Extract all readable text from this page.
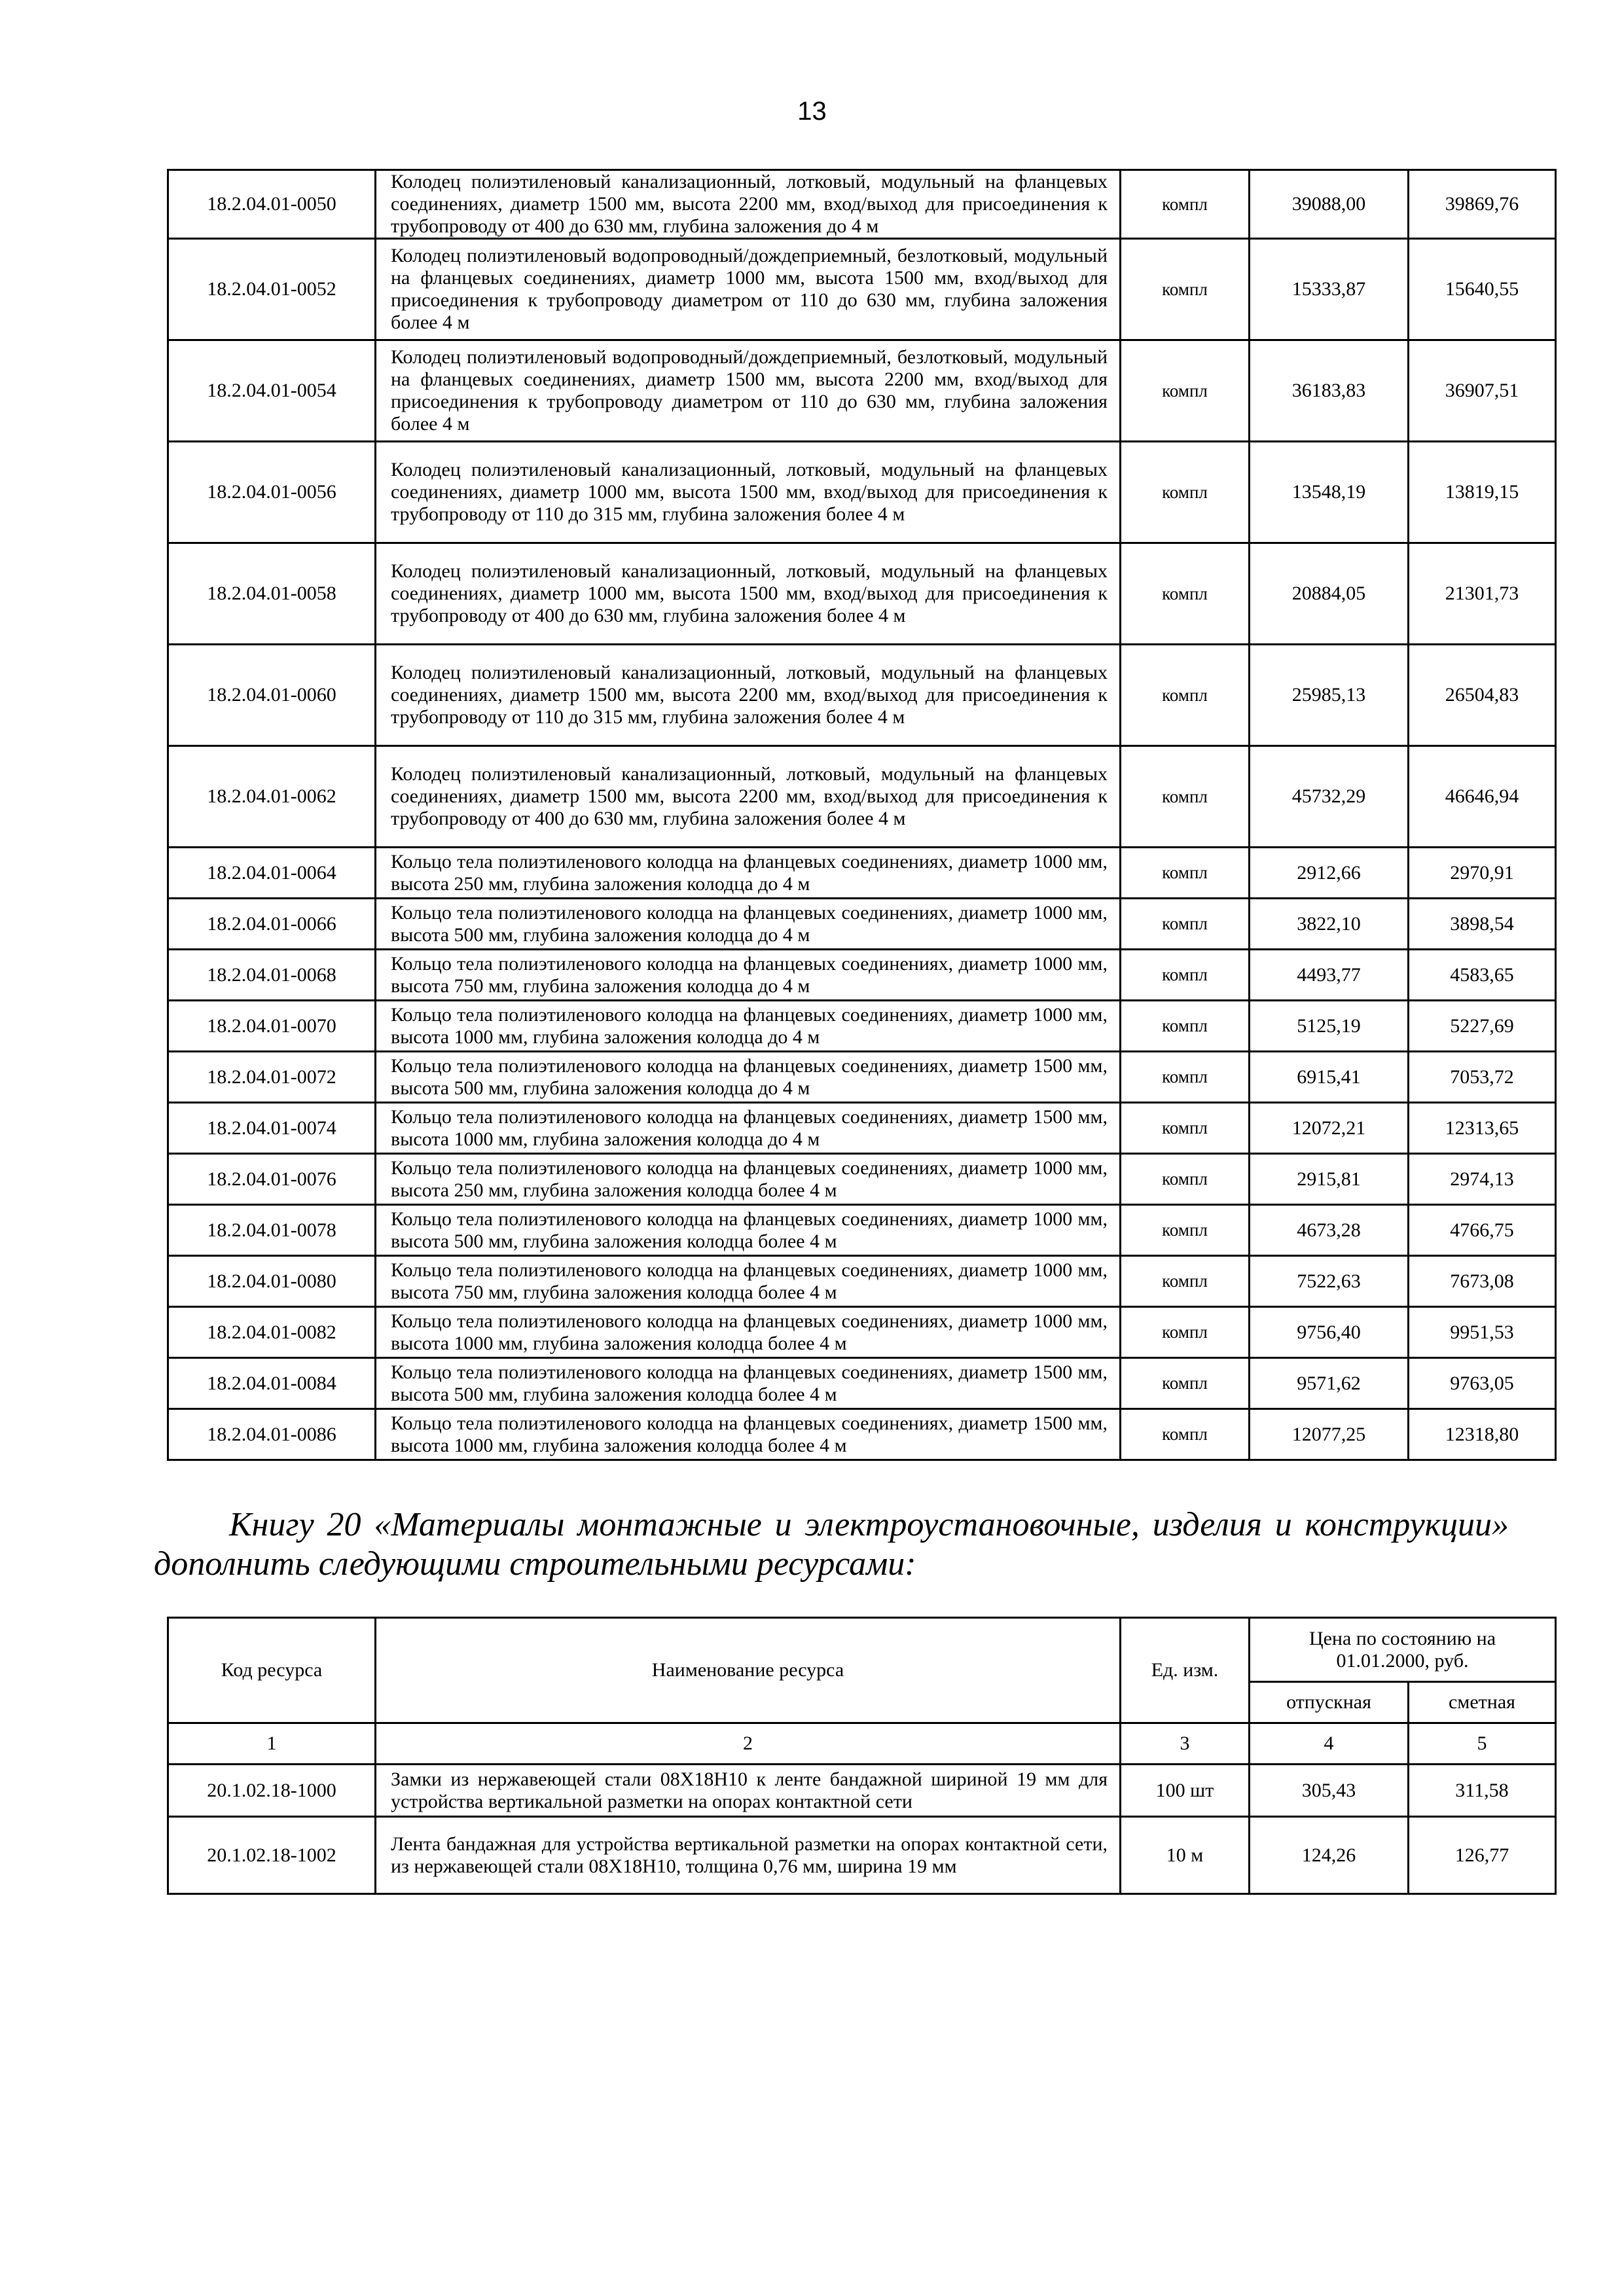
13
18.2.04.01-0050	Колодец полиэтиленовый канализационный, лотковый, модульный на фланцевых соединениях, диаметр 1500 мм, высота 2200 мм, вход/выход для присоединения к трубопроводу от 400 до 630 мм, глубина заложения до 4 м	компл	39088,00	39869,76
18.2.04.01-0052	Колодец полиэтиленовый водопроводный/дождеприемный, безлотковый, модульный на фланцевых соединениях, диаметр 1000 мм, высота 1500 мм, вход/выход для присоединения к трубопроводу диаметром от 110 до 630 мм, глубина заложения более 4 м	компл	15333,87	15640,55
18.2.04.01-0054	Колодец полиэтиленовый водопроводный/дождеприемный, безлотковый, модульный на фланцевых соединениях, диаметр 1500 мм, высота 2200 мм, вход/выход для присоединения к трубопроводу диаметром от 110 до 630 мм, глубина заложения более 4 м	компл	36183,83	36907,51
18.2.04.01-0056	Колодец полиэтиленовый канализационный, лотковый, модульный на фланцевых соединениях, диаметр 1000 мм, высота 1500 мм, вход/выход для присоединения к трубопроводу от 110 до 315 мм, глубина заложения более 4 м	компл	13548,19	13819,15
18.2.04.01-0058	Колодец полиэтиленовый канализационный, лотковый, модульный на фланцевых соединениях, диаметр 1000 мм, высота 1500 мм, вход/выход для присоединения к трубопроводу от 400 до 630 мм, глубина заложения более 4 м	компл	20884,05	21301,73
18.2.04.01-0060	Колодец полиэтиленовый канализационный, лотковый, модульный на фланцевых соединениях, диаметр 1500 мм, высота 2200 мм, вход/выход для присоединения к трубопроводу от 110 до 315 мм, глубина заложения более 4 м	компл	25985,13	26504,83
18.2.04.01-0062	Колодец полиэтиленовый канализационный, лотковый, модульный на фланцевых соединениях, диаметр 1500 мм, высота 2200 мм, вход/выход для присоединения к трубопроводу от 400 до 630 мм, глубина заложения более 4 м	компл	45732,29	46646,94
18.2.04.01-0064	Кольцо тела полиэтиленового колодца на фланцевых соединениях, диаметр 1000 мм, высота 250 мм, глубина заложения колодца до 4 м	компл	2912,66	2970,91
18.2.04.01-0066	Кольцо тела полиэтиленового колодца на фланцевых соединениях, диаметр 1000 мм, высота 500 мм, глубина заложения колодца до 4 м	компл	3822,10	3898,54
18.2.04.01-0068	Кольцо тела полиэтиленового колодца на фланцевых соединениях, диаметр 1000 мм, высота 750 мм, глубина заложения колодца до 4 м	компл	4493,77	4583,65
18.2.04.01-0070	Кольцо тела полиэтиленового колодца на фланцевых соединениях, диаметр 1000 мм, высота 1000 мм, глубина заложения колодца до 4 м	компл	5125,19	5227,69
18.2.04.01-0072	Кольцо тела полиэтиленового колодца на фланцевых соединениях, диаметр 1500 мм, высота 500 мм, глубина заложения колодца до 4 м	компл	6915,41	7053,72
18.2.04.01-0074	Кольцо тела полиэтиленового колодца на фланцевых соединениях, диаметр 1500 мм, высота 1000 мм, глубина заложения колодца до 4 м	компл	12072,21	12313,65
18.2.04.01-0076	Кольцо тела полиэтиленового колодца на фланцевых соединениях, диаметр 1000 мм, высота 250 мм, глубина заложения колодца более 4 м	компл	2915,81	2974,13
18.2.04.01-0078	Кольцо тела полиэтиленового колодца на фланцевых соединениях, диаметр 1000 мм, высота 500 мм, глубина заложения колодца более 4 м	компл	4673,28	4766,75
18.2.04.01-0080	Кольцо тела полиэтиленового колодца на фланцевых соединениях, диаметр 1000 мм, высота 750 мм, глубина заложения колодца более 4 м	компл	7522,63	7673,08
18.2.04.01-0082	Кольцо тела полиэтиленового колодца на фланцевых соединениях, диаметр 1000 мм, высота 1000 мм, глубина заложения колодца более 4 м	компл	9756,40	9951,53
18.2.04.01-0084	Кольцо тела полиэтиленового колодца на фланцевых соединениях, диаметр 1500 мм, высота 500 мм, глубина заложения колодца более 4 м	компл	9571,62	9763,05
18.2.04.01-0086	Кольцо тела полиэтиленового колодца на фланцевых соединениях, диаметр 1500 мм, высота 1000 мм, глубина заложения колодца более 4 м	компл	12077,25	12318,80
Книгу 20 «Материалы монтажные и электроустановочные, изделия и конструкции» дополнить следующими строительными ресурсами:
Код ресурса	Наименование ресурса	Ед. изм.	Цена по состоянию на 01.01.2000, руб.	
			отпускная	сметная
1	2	3	4	5
20.1.02.18-1000	Замки из нержавеющей стали 08Х18Н10 к ленте бандажной шириной 19 мм для устройства вертикальной разметки на опорах контактной сети	100 шт	305,43	311,58
20.1.02.18-1002	Лента бандажная для устройства вертикальной разметки на опорах контактной сети, из нержавеющей стали 08Х18Н10, толщина 0,76 мм, ширина 19 мм	10 м	124,26	126,77
